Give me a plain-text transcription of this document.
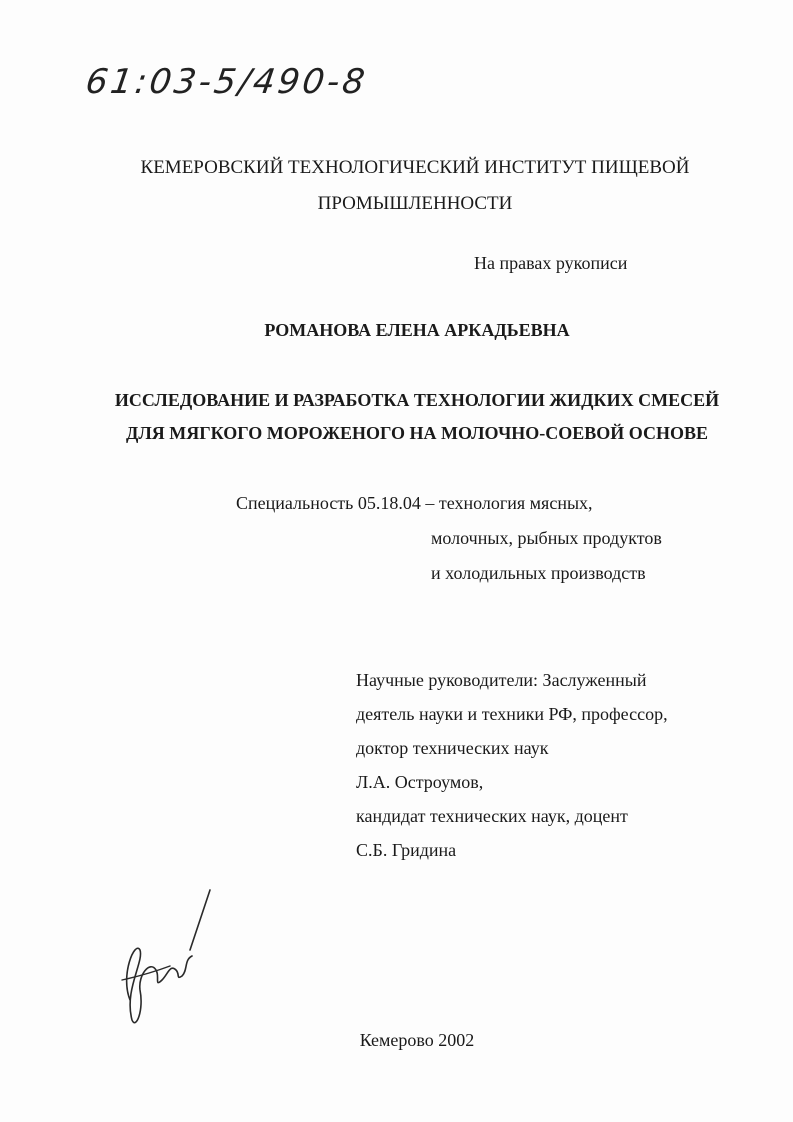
61:03-5/490-8
КЕМЕРОВСКИЙ ТЕХНОЛОГИЧЕСКИЙ ИНСТИТУТ ПИЩЕВОЙ
ПРОМЫШЛЕННОСТИ
На правах рукописи
РОМАНОВА ЕЛЕНА АРКАДЬЕВНА
ИССЛЕДОВАНИЕ И РАЗРАБОТКА ТЕХНОЛОГИИ ЖИДКИХ СМЕСЕЙ
ДЛЯ МЯГКОГО МОРОЖЕНОГО НА МОЛОЧНО-СОЕВОЙ ОСНОВЕ
Специальность 05.18.04 – технология мясных,
молочных, рыбных продуктов
и холодильных производств
Научные руководители: Заслуженный
деятель науки и техники РФ, профессор,
доктор технических наук
Л.А. Остроумов,
кандидат технических наук, доцент
С.Б. Гридина
Кемерово 2002
